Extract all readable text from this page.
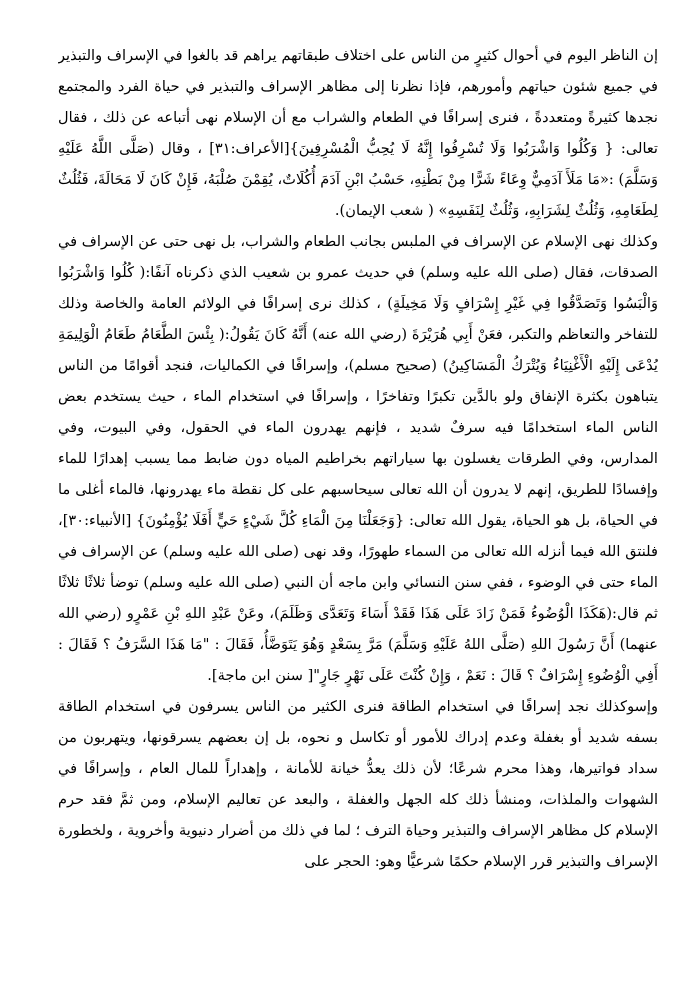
إن الناظر اليوم في أحوال كثيرٍ من الناس على اختلاف طبقاتهم يراهم قد بالغوا في الإسراف والتبذير في جميع شئون حياتهم وأمورهم، فإذا نظرنا إلى مظاهر الإسراف والتبذير في حياة الفرد والمجتمع نجدها كثيرةً ومتعددةً ، فنرى إسرافًا في الطعام والشراب مع أن الإسلام نهى أتباعه عن ذلك ، فقال تعالى: { وَكُلُوا وَاشْرَبُوا وَلَا تُسْرِفُوا إِنَّهُ لَا يُحِبُّ الْمُسْرِفِينَ}[الأعراف:٣١] ، وقال (صَلَّى اللَّهُ عَلَيْهِ وَسَلَّمَ) :«مَا مَلَأَ آدَمِيٌّ وِعَاءً شَرًّا مِنْ بَطْنِهِ، حَسْبُ ابْنِ آدَمَ أُكُلَاتٌ، يُقِمْنَ صُلْبَهُ، فَإِنْ كَانَ لَا مَحَالَةَ، فَثُلُثٌ لِطَعَامِهِ، وَثُلُثٌ لِشَرَابِهِ، وَثُلُثٌ لِنَفَسِهِ» ( شعب الإيمان).

وكذلك نهى الإسلام عن الإسراف في الملبس بجانب الطعام والشراب، بل نهى حتى عن الإسراف في الصدقات، فقال (صلى الله عليه وسلم) في حديث عمرو بن شعيب الذي ذكرناه آنفًا:( كُلُوا وَاشْرَبُوا وَالْبَسُوا وَتَصَدَّقُوا فِي غَيْرِ إِسْرَافٍ وَلَا مَخِيلَةٍ) ، كذلك نرى إسرافًا في الولائم العامة والخاصة وذلك للتفاخر والتعاظم والتكبر، فعَنْ أَبِي هُرَيْرَةَ (رضي الله عنه) أَنَّهُ كَانَ يَقُولُ:( بِئْسَ الطَّعَامُ طَعَامُ الْوَلِيمَةِ يُدْعَى إِلَيْهِ الْأَغْنِيَاءُ وَيُتْرَكُ الْمَسَاكِينُ) (صحيح مسلم)، وإسرافًا في الكماليات، فنجد أقوامًا من الناس يتباهون بكثرة الإنفاق ولو بالدَّين تكبرًا وتفاخرًا ، وإسرافًا في استخدام الماء ، حيث يستخدم بعض الناس الماء استخدامًا فيه سرفٌ شديد ، فإنهم يهدرون الماء في الحقول، وفي البيوت، وفي المدارس، وفي الطرقات يغسلون بها سياراتهم بخراطيم المياه دون ضابط مما يسبب إهدارًا للماء وإفسادًا للطريق، إنهم لا يدرون أن الله تعالى سيحاسبهم على كل نقطة ماء يهدرونها، فالماء أغلى ما في الحياة، بل هو الحياة، يقول الله تعالى: {وَجَعَلْنَا مِنَ الْمَاءِ كُلَّ شَيْءٍ حَيٍّ أَفَلَا يُؤْمِنُونَ} [الأنبياء:٣٠]، فلنتق الله فيما أنزله الله تعالى من السماء طهورًا، وقد نهى (صلى الله عليه وسلم) عن الإسراف في الماء حتى في الوضوء ، ففي سنن النسائي وابن ماجه أن النبي (صلى الله عليه وسلم) توضأ ثلاثًا ثلاثًا ثم قال:(هَكَذَا الْوُضُوءُ فَمَنْ زَادَ عَلَى هَذَا فَقَدْ أَسَاءَ وَتَعَدَّى وَظَلَمَ)، وعَنْ عَبْدِ اللهِ بْنِ عَمْرٍو (رضي الله عنهما) أَنَّ رَسُولَ اللهِ (صَلَّى اللهُ عَلَيْهِ وَسَلَّمَ) مَرَّ بِسَعْدٍ وَهُوَ يَتَوَضَّأُ، فَقَالَ : "مَا هَذَا السَّرَفُ ؟ فَقَالَ : أَفِي الْوُضُوءِ إِسْرَافٌ ؟ قَالَ : نَعَمْ ، وَإِنْ كُنْتَ عَلَى نَهْرٍ جَارٍ"[ سنن ابن ماجة].

وإسوكذلك نجد إسرافًا في استخدام الطاقة فنرى الكثير من الناس يسرفون في استخدام الطاقة بسفه شديد أو بغفلة وعدم إدراك للأمور أو تكاسل و نحوه، بل إن بعضهم يسرقونها، ويتهربون من سداد فواتيرها، وهذا محرم شرعًا؛ لأن ذلك يعدُّ خيانة للأمانة ، وإهداراً للمال العام ، وإسرافًا في الشهوات والملذات، ومنشأ ذلك كله الجهل والغفلة ، والبعد عن تعاليم الإسلام، ومن ثمَّ فقد حرم الإسلام كل مظاهر الإسراف والتبذير وحياة الترف ؛ لما في ذلك من أضرار دنيوية وأخروية ، ولخطورة الإسراف والتبذير قرر الإسلام حكمًا شرعيًّا وهو: الحجر على
